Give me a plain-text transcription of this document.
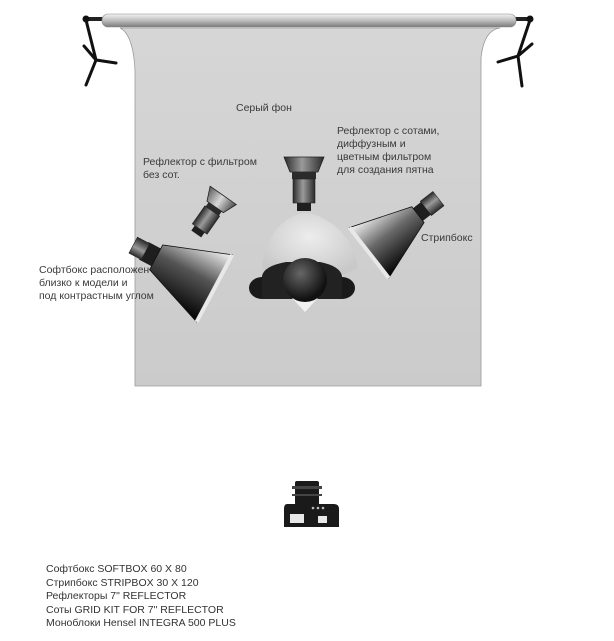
Серый фон
Рефлектор с сотами,
диффузным и
цветным фильтром
для создания пятна
Рефлектор с фильтром
без сот.
Стрипбокс
Софтбокс расположен
близко к модели и
под контрастным углом
Софтбокс SOFTBOX 60 X 80
Стрипбокс STRIPBOX 30 X 120
Рефлекторы 7" REFLECTOR
Соты GRID KIT FOR 7" REFLECTOR
Моноблоки Hensel INTEGRA 500 PLUS
